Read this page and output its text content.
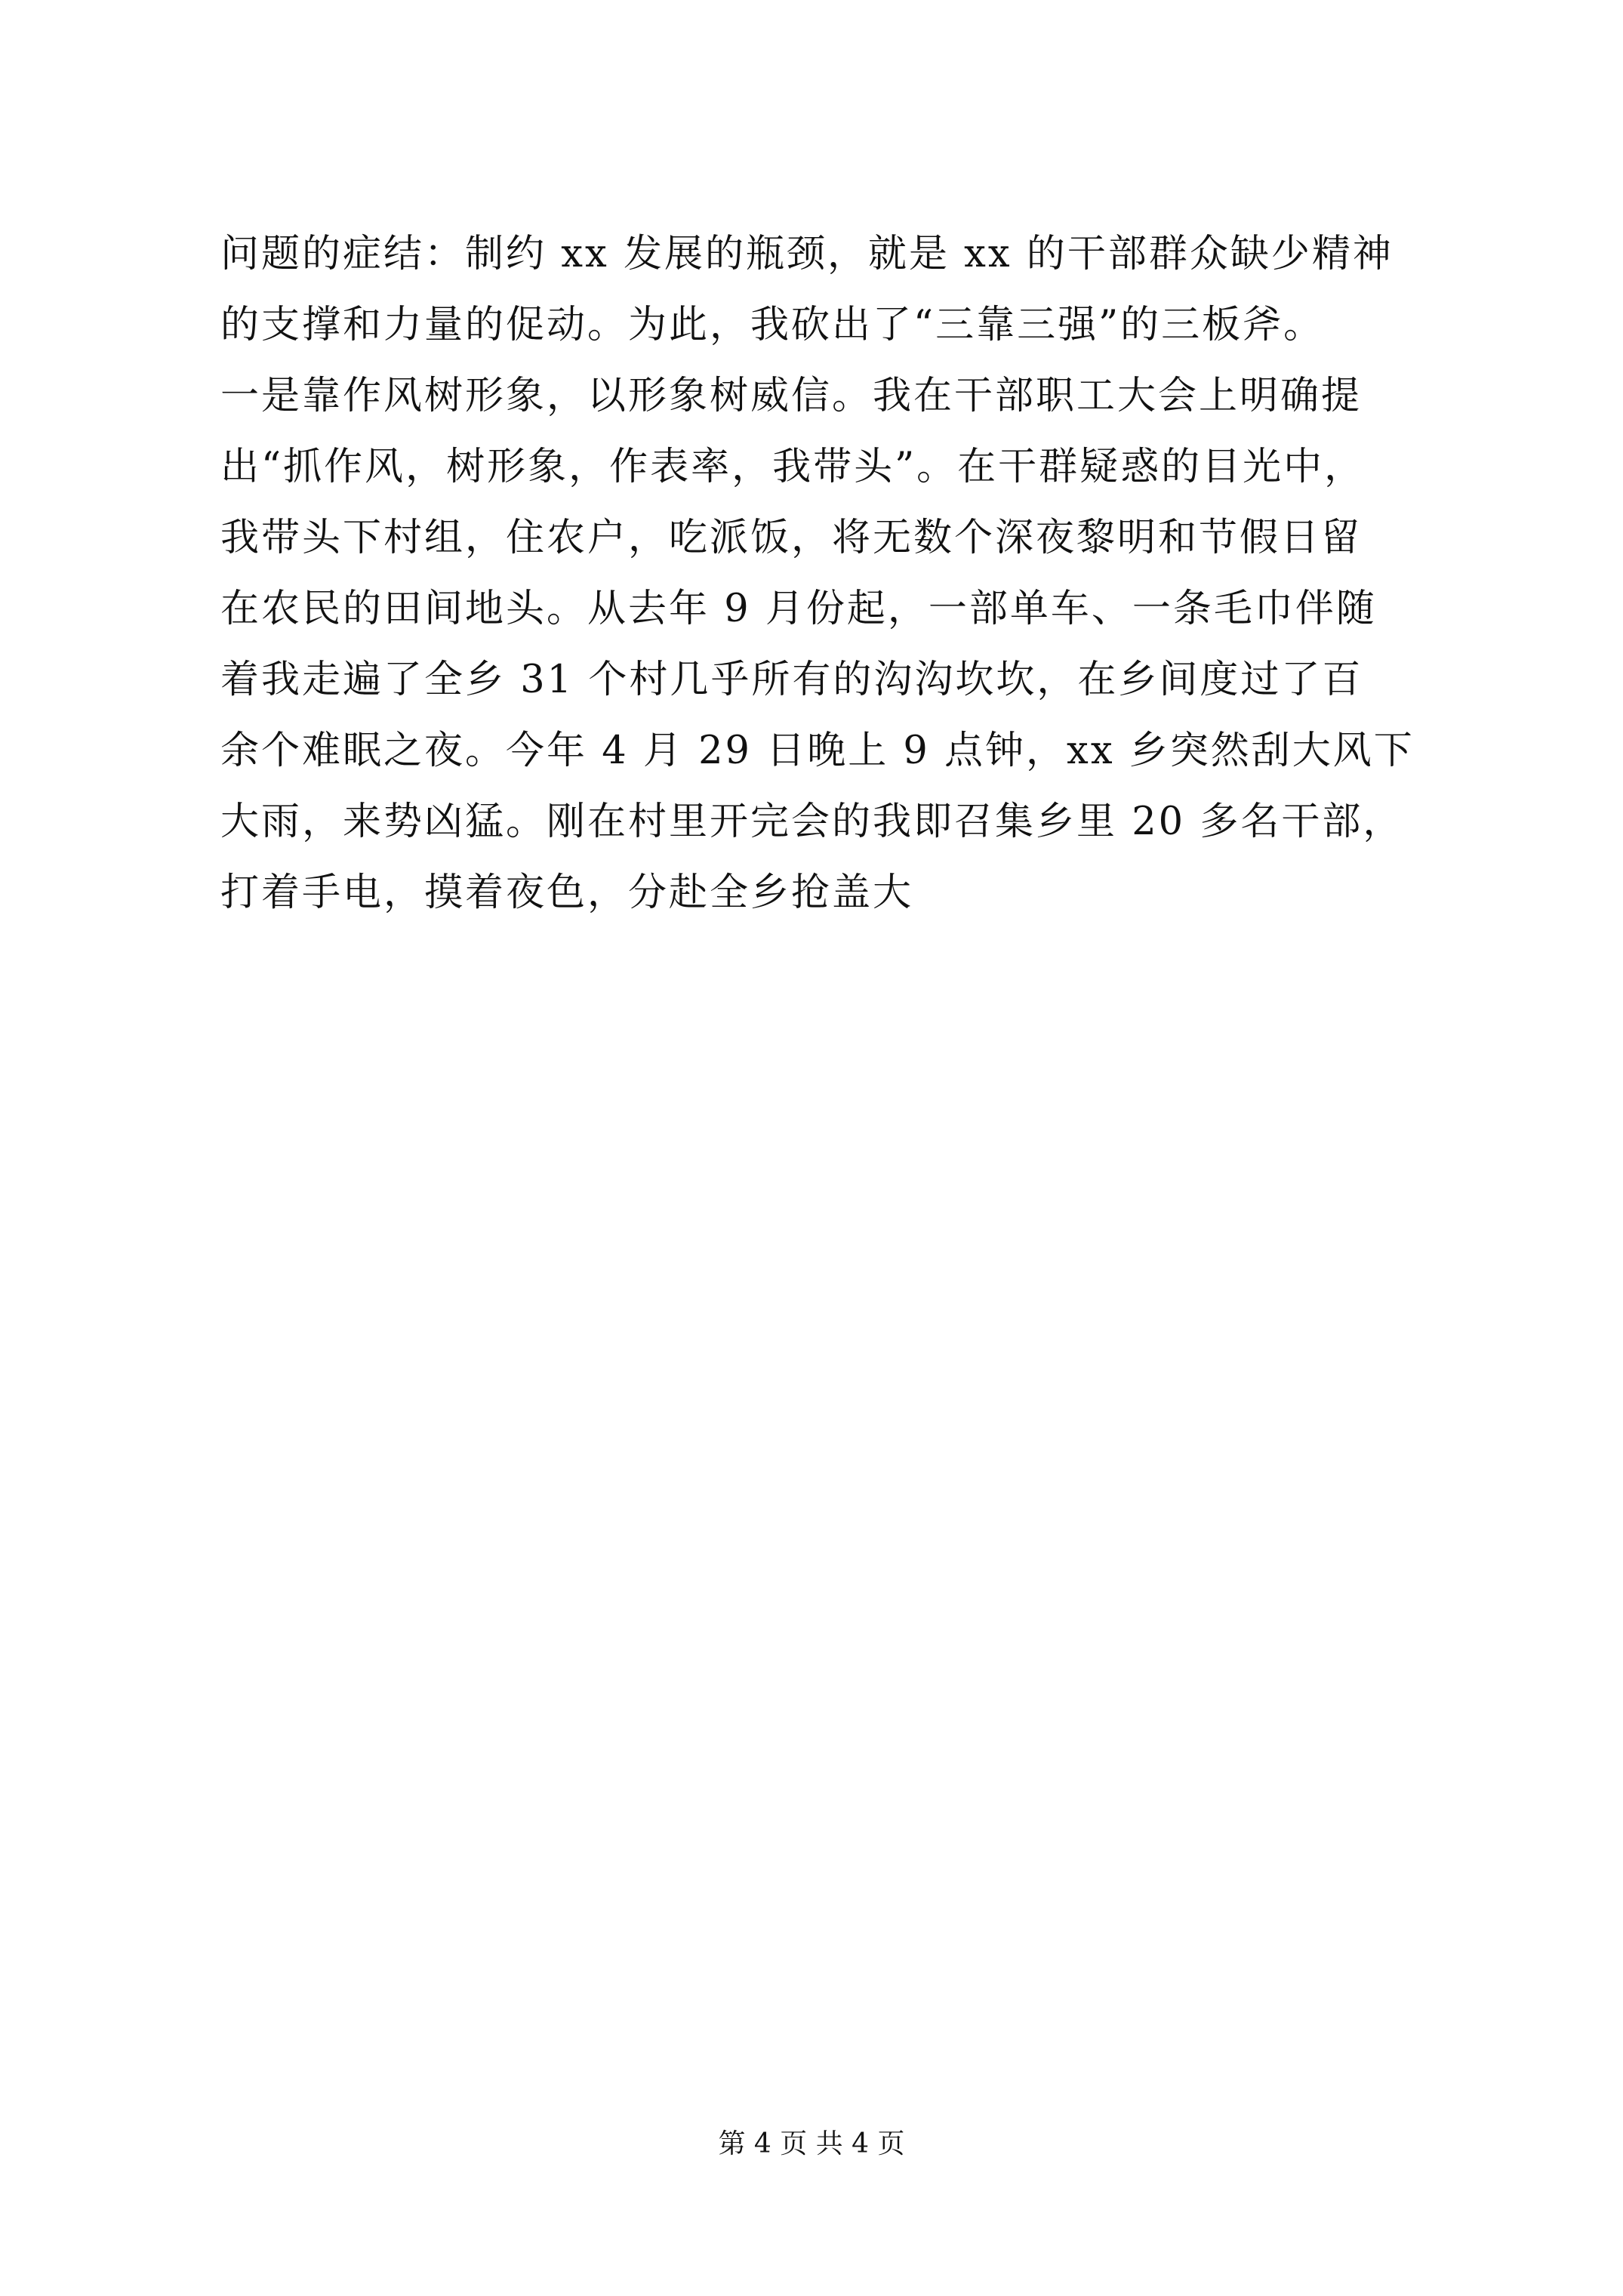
问题的症结：制约 xx 发展的瓶颈，就是 xx 的干部群众缺少精神
的支撑和力量的促动。为此，我砍出了“三靠三强”的三板斧。
一是靠作风树形象，以形象树威信。我在干部职工大会上明确提
出“抓作风，树形象，作表率，我带头”。在干群疑惑的目光中，
我带头下村组，住农户，吃派饭，将无数个深夜黎明和节假日留
在农民的田间地头。从去年 9 月份起，一部单车、一条毛巾伴随
着我走遍了全乡 31 个村几乎所有的沟沟坎坎，在乡间度过了百
余个难眠之夜。今年 4 月 29 日晚上 9 点钟，xx 乡突然刮大风下
大雨，来势凶猛。刚在村里开完会的我即召集乡里 20 多名干部，
打着手电，摸着夜色，分赴全乡抢盖大
第 4 页 共 4 页
